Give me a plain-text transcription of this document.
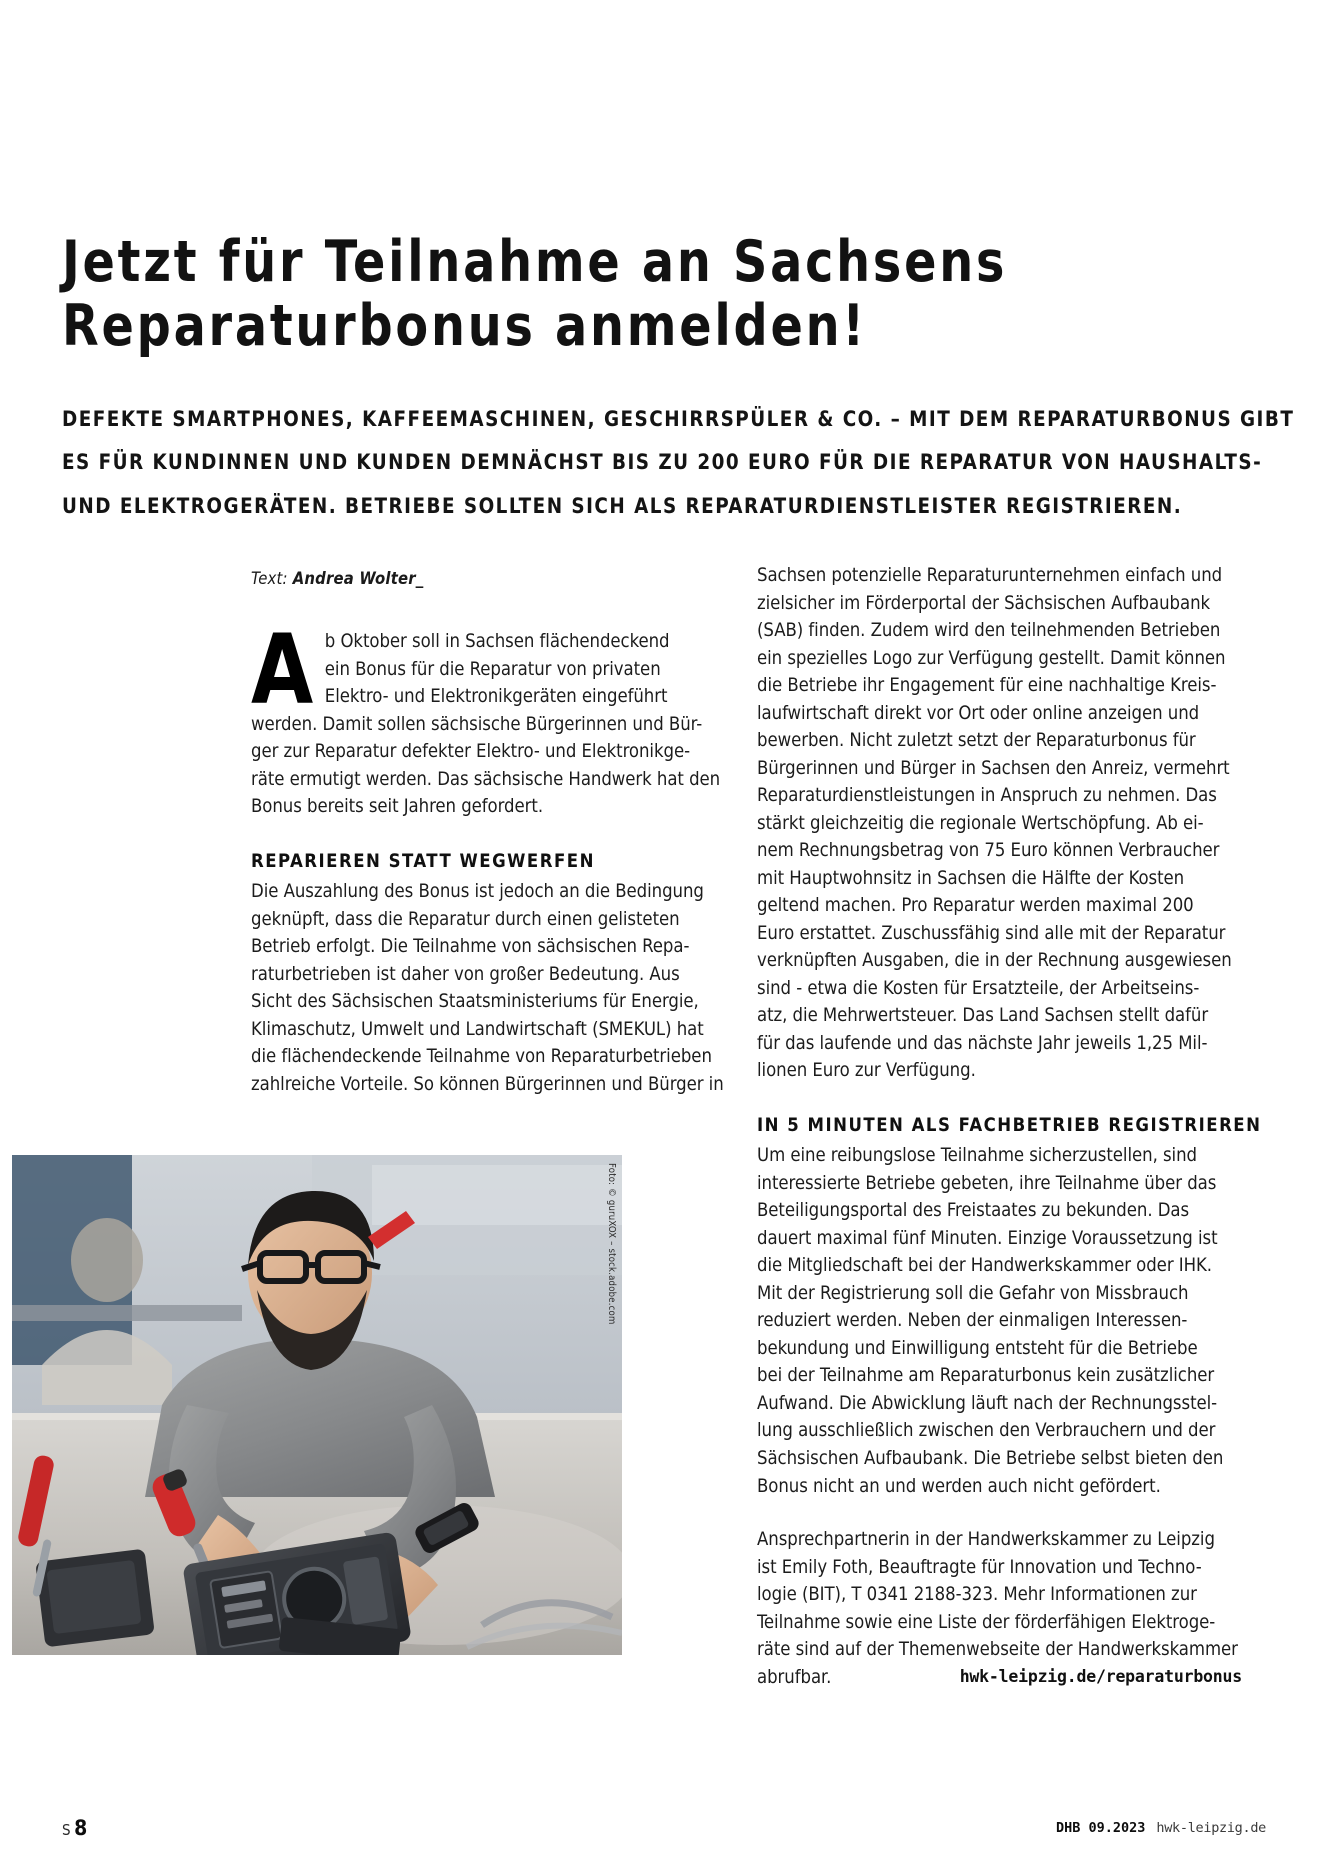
Jetzt für Teilnahme an Sachsens
Reparaturbonus anmelden!
DEFEKTE SMARTPHONES, KAFFEEMASCHINEN, GESCHIRRSPÜLER & CO. – MIT DEM REPARATURBONUS GIBT
ES FÜR KUNDINNEN UND KUNDEN DEMNÄCHST BIS ZU 200 EURO FÜR DIE REPARATUR VON HAUSHALTS-
UND ELEKTROGERÄTEN. BETRIEBE SOLLTEN SICH ALS REPARATURDIENSTLEISTER REGISTRIEREN.
Text: Andrea Wolter_

A b Oktober soll in Sachsen flächendeckend
ein Bonus für die Reparatur von privaten
Elektro- und Elektronikgeräten eingeführt
werden. Damit sollen sächsische Bürgerinnen und Bür-
ger zur Reparatur defekter Elektro- und Elektronikge-
räte ermutigt werden. Das sächsische Handwerk hat den
Bonus bereits seit Jahren gefordert.

REPARIEREN STATT WEGWERFEN

Die Auszahlung des Bonus ist jedoch an die Bedingung
geknüpft, dass die Reparatur durch einen gelisteten
Betrieb erfolgt. Die Teilnahme von sächsischen Repa-
raturbetrieben ist daher von großer Bedeutung. Aus
Sicht des Sächsischen Staatsministeriums für Energie,
Klimaschutz, Umwelt und Landwirtschaft (SMEKUL) hat
die flächendeckende Teilnahme von Reparaturbetrieben
zahlreiche Vorteile. So können Bürgerinnen und Bürger in

Sachsen potenzielle Reparaturunternehmen einfach und
zielsicher im Förderportal der Sächsischen Aufbaubank
(SAB) finden. Zudem wird den teilnehmenden Betrieben
ein spezielles Logo zur Verfügung gestellt. Damit können
die Betriebe ihr Engagement für eine nachhaltige Kreis-
laufwirtschaft direkt vor Ort oder online anzeigen und
bewerben. Nicht zuletzt setzt der Reparaturbonus für
Bürgerinnen und Bürger in Sachsen den Anreiz, vermehrt
Reparaturdienstleistungen in Anspruch zu nehmen. Das
stärkt gleichzeitig die regionale Wertschöpfung. Ab ei-
nem Rechnungsbetrag von 75 Euro können Verbraucher
mit Hauptwohnsitz in Sachsen die Hälfte der Kosten
geltend machen. Pro Reparatur werden maximal 200
Euro erstattet. Zuschussfähig sind alle mit der Reparatur
verknüpften Ausgaben, die in der Rechnung ausgewiesen
sind - etwa die Kosten für Ersatzteile, der Arbeitseins-
atz, die Mehrwertsteuer. Das Land Sachsen stellt dafür
für das laufende und das nächste Jahr jeweils 1,25 Mil-
lionen Euro zur Verfügung.

IN 5 MINUTEN ALS FACHBETRIEB REGISTRIEREN

Um eine reibungslose Teilnahme sicherzustellen, sind
interessierte Betriebe gebeten, ihre Teilnahme über das
Beteiligungsportal des Freistaates zu bekunden. Das
dauert maximal fünf Minuten. Einzige Voraussetzung ist
die Mitgliedschaft bei der Handwerkskammer oder IHK.
Mit der Registrierung soll die Gefahr von Missbrauch
reduziert werden. Neben der einmaligen Interessen-
bekundung und Einwilligung entsteht für die Betriebe
bei der Teilnahme am Reparaturbonus kein zusätzlicher
Aufwand. Die Abwicklung läuft nach der Rechnungsstel-
lung ausschließlich zwischen den Verbrauchern und der
Sächsischen Aufbaubank. Die Betriebe selbst bieten den
Bonus nicht an und werden auch nicht gefördert.

Ansprechpartnerin in der Handwerkskammer zu Leipzig
ist Emily Foth, Beauftragte für Innovation und Techno-
logie (BIT), T 0341 2188-323. Mehr Informationen zur
Teilnahme sowie eine Liste der förderfähigen Elektroge-
räte sind auf der Themenwebseite der Handwerkskammer
abrufbar.	hwk-leipzig.de/reparaturbonus
Foto: © guruXOX – stock.adobe.com
S 8	DHB 09.2023 hwk-leipzig.de
